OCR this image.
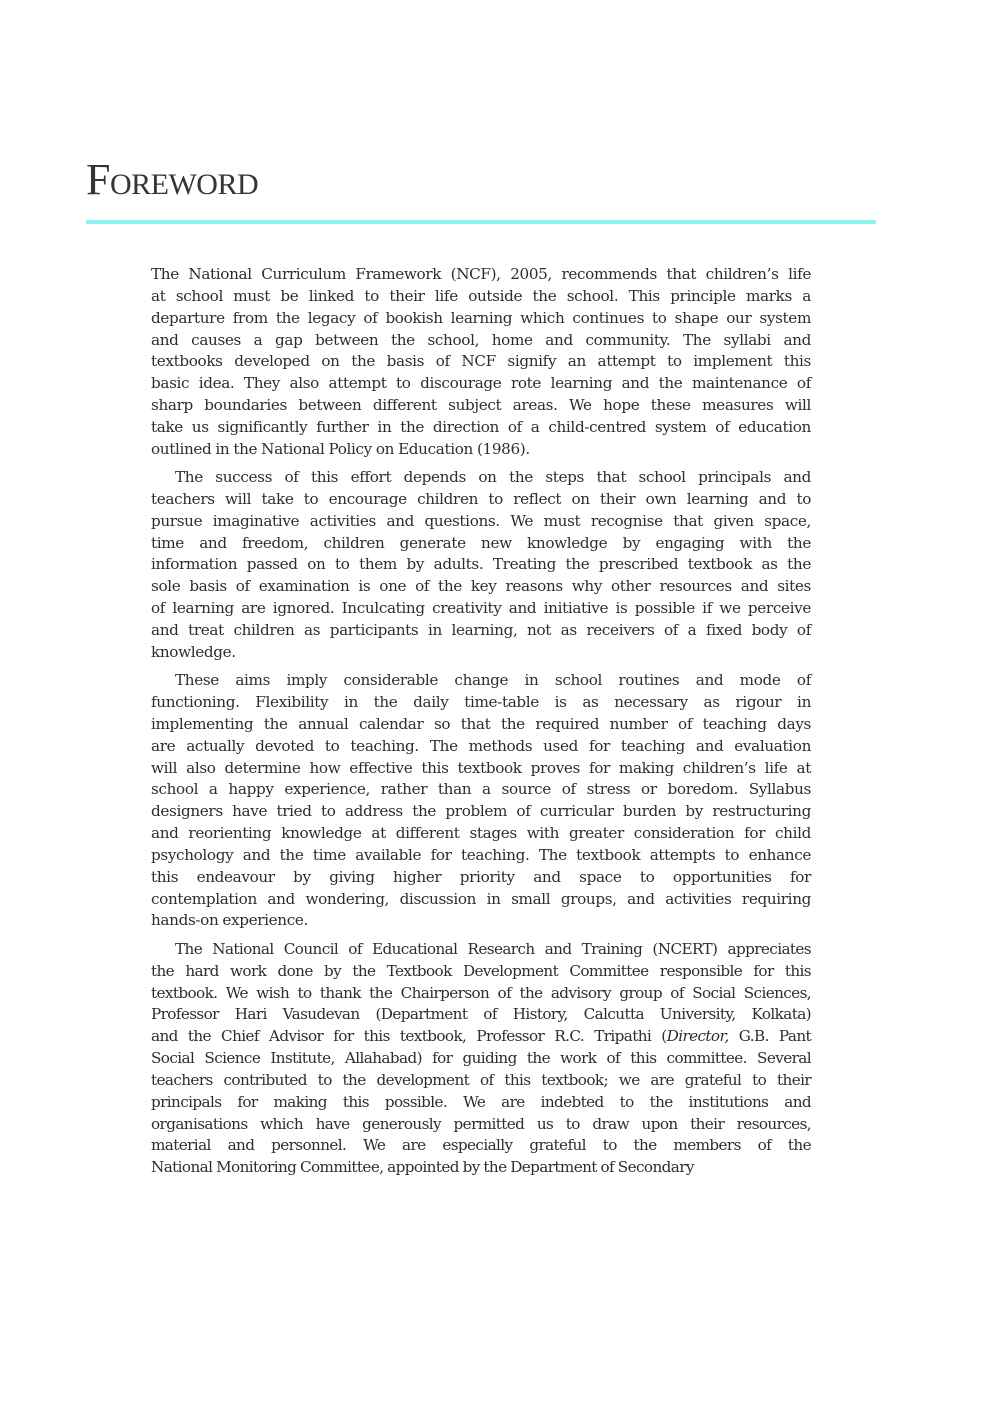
FOREWORD
The National Curriculum Framework (NCF), 2005, recommends that children’s life
at school must be linked to their life outside the school. This principle marks a
departure from the legacy of bookish learning which continues to shape our system
and causes a gap between the school, home and community. The syllabi and
textbooks developed on the basis of NCF signify an attempt to implement this
basic idea. They also attempt to discourage rote learning and the maintenance of
sharp boundaries between different subject areas. We hope these measures will
take us significantly further in the direction of a child-centred system of education
outlined in the National Policy on Education (1986).
The success of this effort depends on the steps that school principals and
teachers will take to encourage children to reflect on their own learning and to
pursue imaginative activities and questions. We must recognise that given space,
time and freedom, children generate new knowledge by engaging with the
information passed on to them by adults. Treating the prescribed textbook as the
sole basis of examination is one of the key reasons why other resources and sites
of learning are ignored. Inculcating creativity and initiative is possible if we perceive
and treat children as participants in learning, not as receivers of a fixed body of
knowledge.
These aims imply considerable change in school routines and mode of
functioning. Flexibility in the daily time-table is as necessary as rigour in
implementing the annual calendar so that the required number of teaching days
are actually devoted to teaching. The methods used for teaching and evaluation
will also determine how effective this textbook proves for making children’s life at
school a happy experience, rather than a source of stress or boredom. Syllabus
designers have tried to address the problem of curricular burden by restructuring
and reorienting knowledge at different stages with greater consideration for child
psychology and the time available for teaching. The textbook attempts to enhance
this endeavour by giving higher priority and space to opportunities for
contemplation and wondering, discussion in small groups, and activities requiring
hands-on experience.
The National Council of Educational Research and Training (NCERT) appreciates
the hard work done by the Textbook Development Committee responsible for this
textbook. We wish to thank the Chairperson of the advisory group of Social Sciences,
Professor Hari Vasudevan (Department of History, Calcutta University, Kolkata)
and the Chief Advisor for this textbook, Professor R.C. Tripathi (Director, G.B. Pant
Social Science Institute, Allahabad) for guiding the work of this committee. Several
teachers contributed to the development of this textbook; we are grateful to their
principals for making this possible. We are indebted to the institutions and
organisations which have generously permitted us to draw upon their resources,
material and personnel. We are especially grateful to the members of the
National Monitoring Committee, appointed by the Department of Secondary
